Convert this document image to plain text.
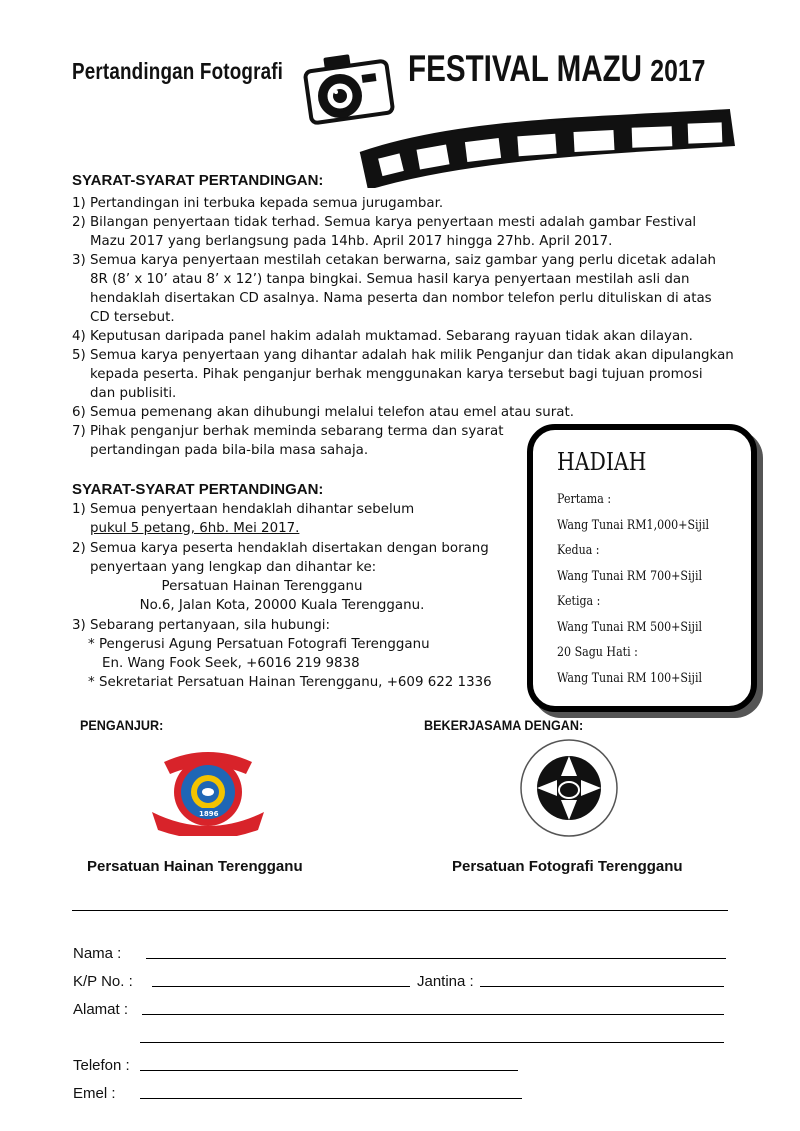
Pertandingan Fotografi	FESTIVAL MAZU 2017
SYARAT-SYARAT PERTANDINGAN:
1) Pertandingan ini terbuka kepada semua jurugambar.
2) Bilangan penyertaan tidak terhad. Semua karya penyertaan mesti adalah gambar Festival
Mazu 2017 yang berlangsung pada 14hb. April 2017 hingga 27hb. April 2017.
3) Semua karya penyertaan mestilah cetakan berwarna, saiz gambar yang perlu dicetak adalah
8R (8’ x 10’ atau 8’ x 12’) tanpa bingkai. Semua hasil karya penyertaan mestilah asli dan
hendaklah disertakan CD asalnya. Nama peserta dan nombor telefon perlu dituliskan di atas
CD tersebut.
4) Keputusan daripada panel hakim adalah muktamad. Sebarang rayuan tidak akan dilayan.
5) Semua karya penyertaan yang dihantar adalah hak milik Penganjur dan tidak akan dipulangkan
kepada peserta. Pihak penganjur berhak menggunakan karya tersebut bagi tujuan promosi
dan publisiti.
6) Semua pemenang akan dihubungi melalui telefon atau emel atau surat.
7) Pihak penganjur berhak meminda sebarang terma dan syarat
pertandingan pada bila-bila masa sahaja.
SYARAT-SYARAT PERTANDINGAN:
1) Semua penyertaan hendaklah dihantar sebelum
pukul 5 petang, 6hb. Mei 2017.
2) Semua karya peserta hendaklah disertakan dengan borang
penyertaan yang lengkap dan dihantar ke:
Persatuan Hainan Terengganu
No.6, Jalan Kota, 20000 Kuala Terengganu.
3) Sebarang pertanyaan, sila hubungi:
* Pengerusi Agung Persatuan Fotografi Terengganu
En. Wang Fook Seek, +6016 219 9838
* Sekretariat Persatuan Hainan Terengganu, +609 622 1336
HADIAH
Pertama :
Wang Tunai RM1,000+Sijil
Kedua :
Wang Tunai RM 700+Sijil
Ketiga :
Wang Tunai RM 500+Sijil
20 Sagu Hati :
Wang Tunai RM 100+Sijil
PENGANJUR:	BEKERJASAMA DENGAN:
1896
Persatuan Hainan Terengganu	Persatuan Fotografi Terengganu
Nama :
K/P No. :	Jantina :
Alamat :
Telefon :
Emel :
